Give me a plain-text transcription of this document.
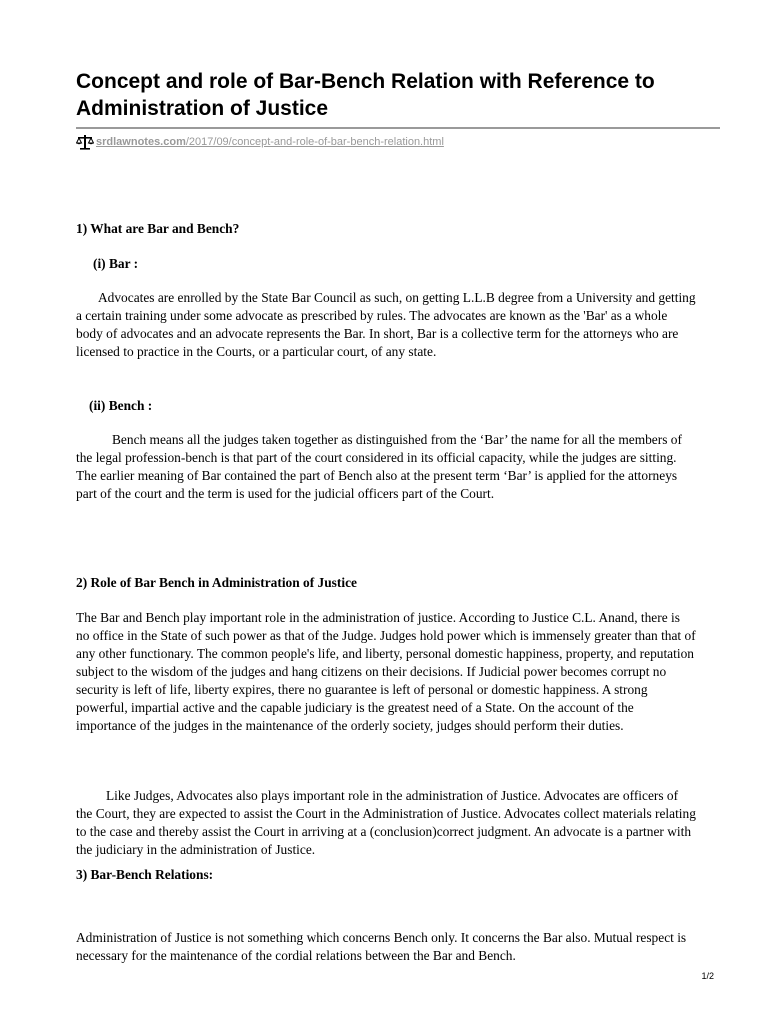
Concept and role of Bar-Bench Relation with Reference to Administration of Justice
srdlawnotes.com/2017/09/concept-and-role-of-bar-bench-relation.html
1) What are Bar and Bench?
(i) Bar :

Advocates are enrolled by the State Bar Council as such, on getting L.L.B degree from a University and getting a certain training under some advocate as prescribed by rules. The advocates are known as the 'Bar' as a whole body of advocates and an advocate represents the Bar. In short, Bar is a collective term for the attorneys who are licensed to practice in the Courts, or a particular court, of any state.

(ii) Bench :

Bench means all the judges taken together as distinguished from the ‘Bar’ the name for all the members of the legal profession-bench is that part of the court considered in its official capacity, while the judges are sitting. The earlier meaning of Bar contained the part of Bench also at the present term ‘Bar’ is applied for the attorneys part of the court and the term is used for the judicial officers part of the Court.

2) Role of Bar Bench in Administration of Justice

The Bar and Bench play important role in the administration of justice. According to Justice C.L. Anand, there is no office in the State of such power as that of the Judge. Judges hold power which is immensely greater than that of any other functionary. The common people's life, and liberty, personal domestic happiness, property, and reputation subject to the wisdom of the judges and hang citizens on their decisions. If Judicial power becomes corrupt no security is left of life, liberty expires, there no guarantee is left of personal or domestic happiness. A strong powerful, impartial active and the capable judiciary is the greatest need of a State. On the account of the importance of the judges in the maintenance of the orderly society, judges should perform their duties.

Like Judges, Advocates also plays important role in the administration of Justice. Advocates are officers of the Court, they are expected to assist the Court in the Administration of Justice. Advocates collect materials relating to the case and thereby assist the Court in arriving at a (conclusion)correct judgment. An advocate is a partner with the judiciary in the administration of Justice.

3) Bar-Bench Relations:

Administration of Justice is not something which concerns Bench only. It concerns the Bar also. Mutual respect is necessary for the maintenance of the cordial relations between the Bar and Bench.

1/2
